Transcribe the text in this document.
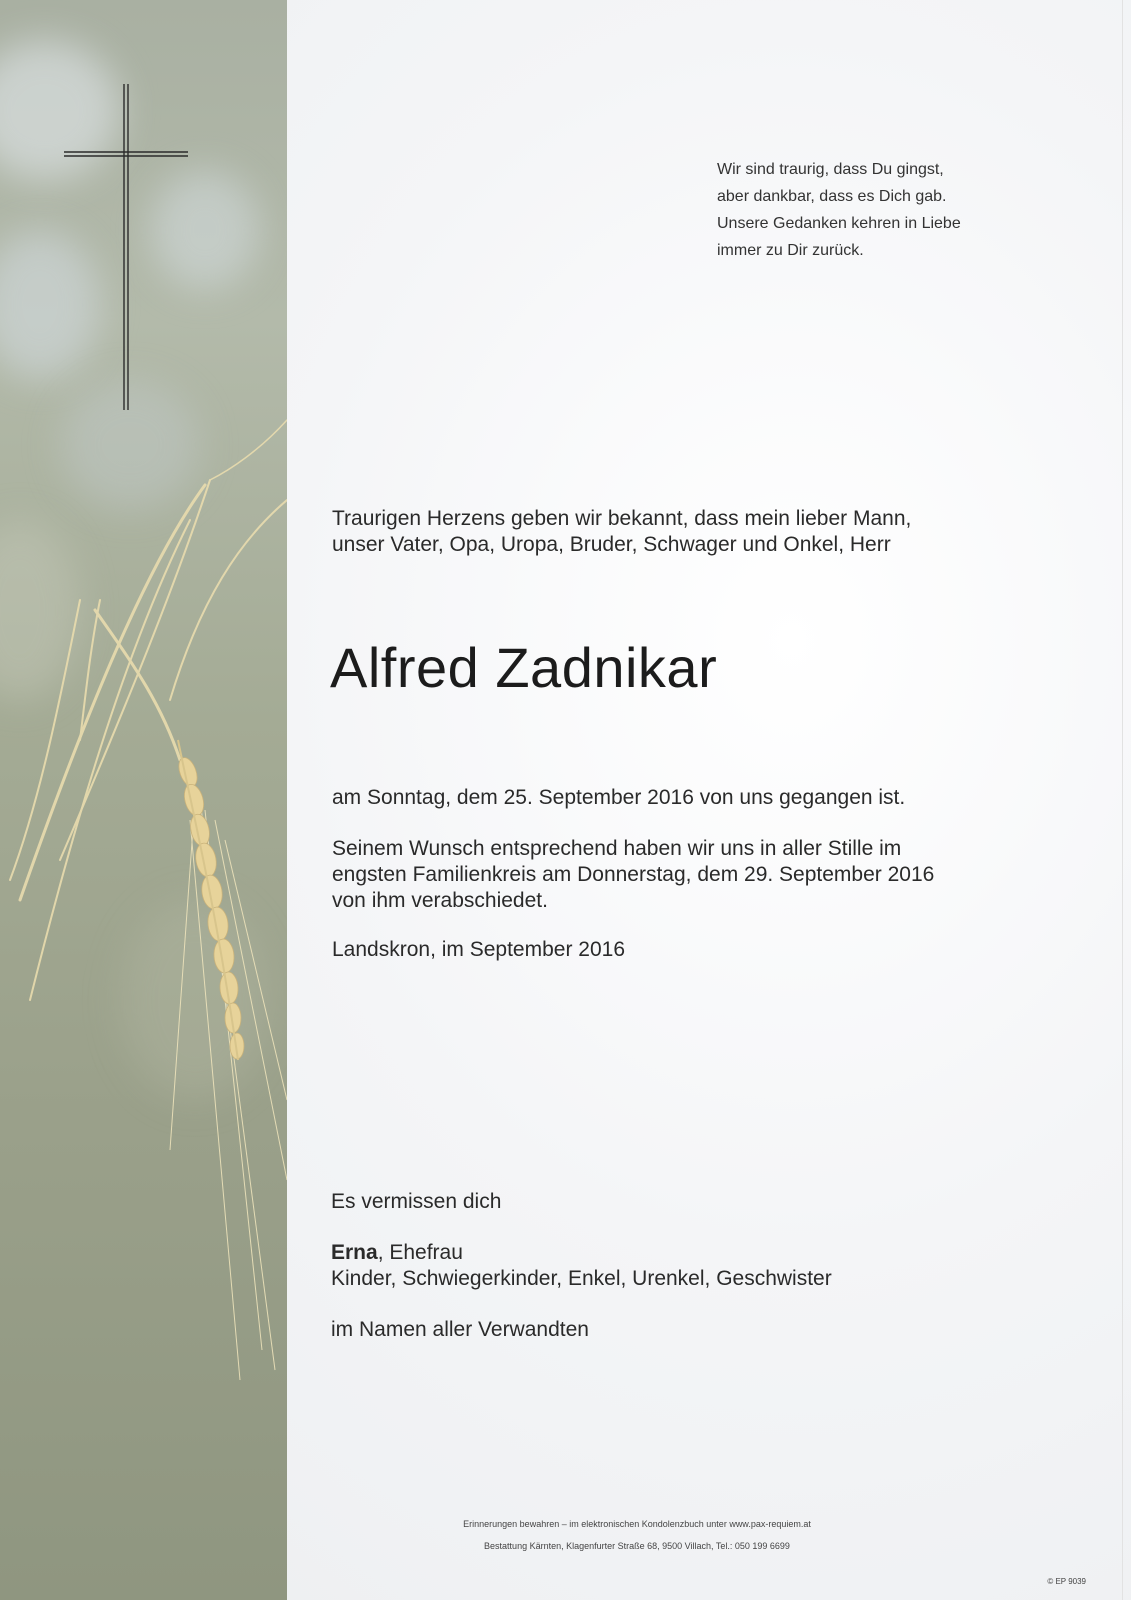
Wir sind traurig, dass Du gingst,
aber dankbar, dass es Dich gab.
Unsere Gedanken kehren in Liebe
immer zu Dir zurück.
Traurigen Herzens geben wir bekannt, dass mein lieber Mann,
unser Vater, Opa, Uropa, Bruder, Schwager und Onkel, Herr
Alfred Zadnikar
am Sonntag, dem 25. September 2016 von uns gegangen ist.
Seinem Wunsch entsprechend haben wir uns in aller Stille im
engsten Familienkreis am Donnerstag, dem 29. September 2016
von ihm verabschiedet.
Landskron, im September 2016
Es vermissen dich
Erna, Ehefrau
Kinder, Schwiegerkinder, Enkel, Urenkel, Geschwister
im Namen aller Verwandten
Erinnerungen bewahren – im elektronischen Kondolenzbuch unter www.pax-requiem.at
Bestattung Kärnten, Klagenfurter Straße 68, 9500 Villach, Tel.: 050 199 6699
© EP 9039
